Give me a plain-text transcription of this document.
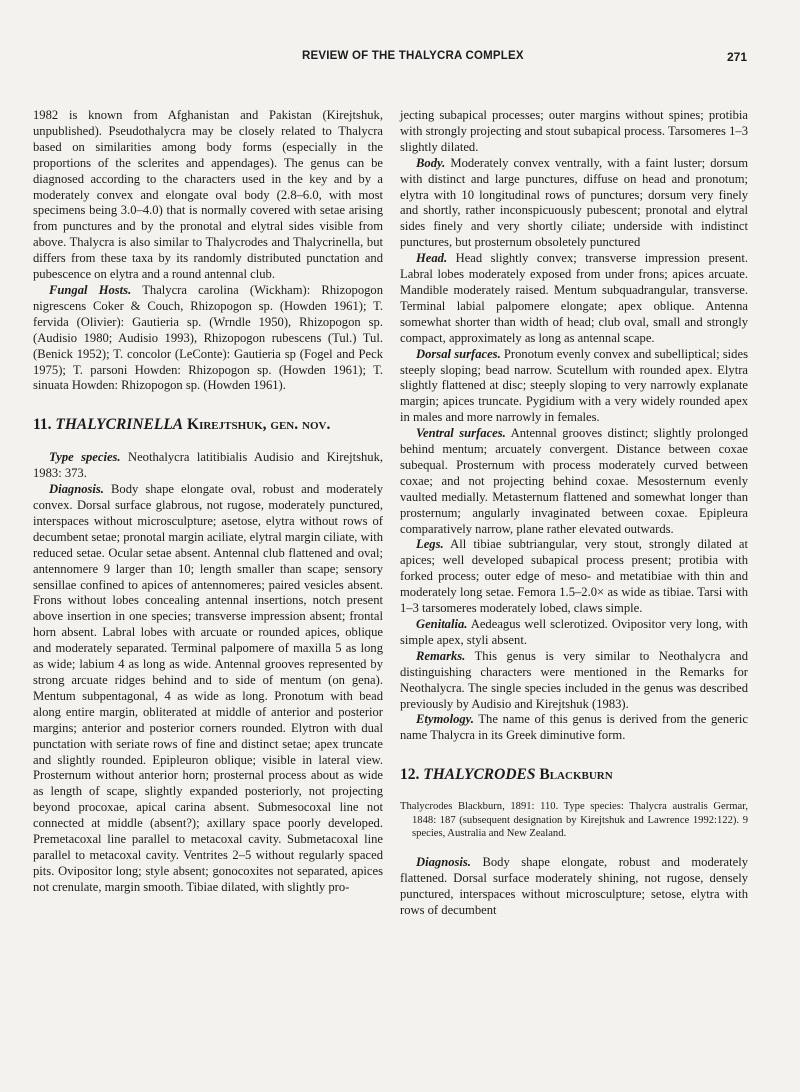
REVIEW OF THE THALYCRA COMPLEX	271

1982 is known from Afghanistan and Pakistan (Kirejtshuk, unpublished). Pseudothalycra may be closely related to Thalycra based on similarities among body forms (especially in the proportions of the sclerites and appendages). The genus can be diagnosed according to the characters used in the key and by a moderately convex and elongate oval body (2.8–6.0, with most specimens being 3.0–4.0) that is normally covered with setae arising from punctures and by the pronotal and elytral sides visible from above. Thalycra is also similar to Thalycrodes and Thalycrinella, but differs from these taxa by its randomly distributed punctation and pubescence on elytra and a round antennal club.

Fungal Hosts. Thalycra carolina (Wickham): Rhizopogon nigrescens Coker & Couch, Rhizopogon sp. (Howden 1961); T. fervida (Olivier): Gautieria sp. (Wrndle 1950), Rhizopogon sp. (Audisio 1980; Audisio 1993), Rhizopogon rubescens (Tul.) Tul. (Benick 1952); T. concolor (LeConte): Gautieria sp (Fogel and Peck 1975); T. parsoni Howden: Rhizopogon sp. (Howden 1961); T. sinuata Howden: Rhizopogon sp. (Howden 1961).

11. THALYCRINELLA Kirejtshuk, gen. nov.

Type species. Neothalycra latitibialis Audisio and Kirejtshuk, 1983: 373.

Diagnosis. Body shape elongate oval, robust and moderately convex. Dorsal surface glabrous, not rugose, moderately punctured, interspaces without microsculpture; asetose, elytra without rows of decumbent setae; pronotal margin aciliate, elytral margin ciliate, with reduced setae. Ocular setae absent. Antennal club flattened and oval; antennomere 9 larger than 10; length smaller than scape; sensory sensillae confined to apices of antennomeres; paired vesicles absent. Frons without lobes concealing antennal insertions, notch present above insertion in one species; transverse impression absent; frontal horn absent. Labral lobes with arcuate or rounded apices, oblique and moderately separated. Terminal palpomere of maxilla 5 as long as wide; labium 4 as long as wide. Antennal grooves represented by strong arcuate ridges behind and to side of mentum (on gena). Mentum subpentagonal, 4 as wide as long. Pronotum with bead along entire margin, obliterated at middle of anterior and posterior margins; anterior and posterior corners rounded. Elytron with dual punctation with seriate rows of fine and distinct setae; apex truncate and slightly rounded. Epipleuron oblique; visible in lateral view. Prosternum without anterior horn; prosternal process about as wide as length of scape, slightly expanded posteriorly, not projecting beyond procoxae, apical carina absent. Submesocoxal line not connected at middle (absent?); axillary space poorly developed. Premetacoxal line parallel to metacoxal cavity. Submetacoxal line parallel to metacoxal cavity. Ventrites 2–5 without regularly spaced pits. Ovipositor long; style absent; gonocoxites not separated, apices not crenulate, margin smooth. Tibiae dilated, with slightly pro-

jecting subapical processes; outer margins without spines; protibia with strongly projecting and stout subapical process. Tarsomeres 1–3 slightly dilated.

Body. Moderately convex ventrally, with a faint luster; dorsum with distinct and large punctures, diffuse on head and pronotum; elytra with 10 longitudinal rows of punctures; dorsum very finely and shortly, rather inconspicuously pubescent; pronotal and elytral sides finely and very shortly ciliate; underside with indistinct punctures, but prosternum obsoletely punctured

Head. Head slightly convex; transverse impression present. Labral lobes moderately exposed from under frons; apices arcuate. Mandible moderately raised. Mentum subquadrangular, transverse. Terminal labial palpomere elongate; apex oblique. Antenna somewhat shorter than width of head; club oval, small and strongly compact, approximately as long as antennal scape.

Dorsal surfaces. Pronotum evenly convex and subelliptical; sides steeply sloping; bead narrow. Scutellum with rounded apex. Elytra slightly flattened at disc; steeply sloping to very narrowly explanate margin; apices truncate. Pygidium with a very widely rounded apex in males and more narrowly in females.

Ventral surfaces. Antennal grooves distinct; slightly prolonged behind mentum; arcuately convergent. Distance between coxae subequal. Prosternum with process moderately curved between coxae; and not projecting behind coxae. Mesosternum evenly vaulted medially. Metasternum flattened and somewhat longer than prosternum; angularly invaginated between coxae. Epipleura comparatively narrow, plane rather elevated outwards.

Legs. All tibiae subtriangular, very stout, strongly dilated at apices; well developed subapical process present; protibia with forked process; outer edge of meso- and metatibiae with thin and moderately long setae. Femora 1.5–2.0× as wide as tibiae. Tarsi with 1–3 tarsomeres moderately lobed, claws simple.

Genitalia. Aedeagus well sclerotized. Ovipositor very long, with simple apex, styli absent.

Remarks. This genus is very similar to Neothalycra and distinguishing characters were mentioned in the Remarks for Neothalycra. The single species included in the genus was described previously by Audisio and Kirejtshuk (1983).

Etymology. The name of this genus is derived from the generic name Thalycra in its Greek diminutive form.

12. THALYCRODES Blackburn

Thalycrodes Blackburn, 1891: 110. Type species: Thalycra australis Germar, 1848: 187 (subsequent designation by Kirejtshuk and Lawrence 1992:122). 9 species, Australia and New Zealand.

Diagnosis. Body shape elongate, robust and moderately flattened. Dorsal surface moderately shining, not rugose, densely punctured, interspaces without microsculpture; setose, elytra with rows of decumbent
